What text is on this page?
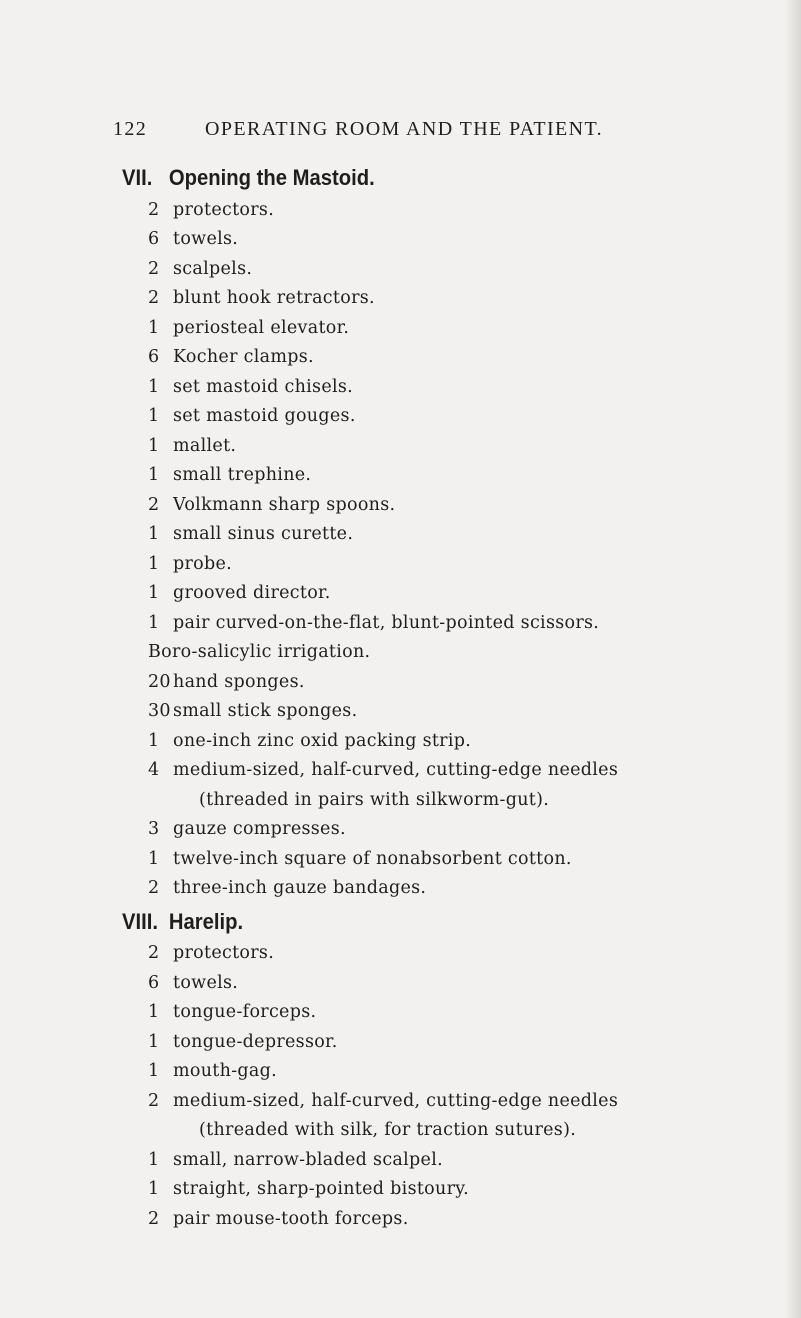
122	OPERATING ROOM AND THE PATIENT.
VII. Opening the Mastoid.
2 protectors.
6 towels.
2 scalpels.
2 blunt hook retractors.
1 periosteal elevator.
6 Kocher clamps.
1 set mastoid chisels.
1 set mastoid gouges.
1 mallet.
1 small trephine.
2 Volkmann sharp spoons.
1 small sinus curette.
1 probe.
1 grooved director.
1 pair curved-on-the-flat, blunt-pointed scissors.
Boro-salicylic irrigation.
20 hand sponges.
30 small stick sponges.
1 one-inch zinc oxid packing strip.
4 medium-sized, half-curved, cutting-edge needles
(threaded in pairs with silkworm-gut).
3 gauze compresses.
1 twelve-inch square of nonabsorbent cotton.
2 three-inch gauze bandages.
VIII. Harelip.
2 protectors.
6 towels.
1 tongue-forceps.
1 tongue-depressor.
1 mouth-gag.
2 medium-sized, half-curved, cutting-edge needles
(threaded with silk, for traction sutures).
1 small, narrow-bladed scalpel.
1 straight, sharp-pointed bistoury.
2 pair mouse-tooth forceps.
